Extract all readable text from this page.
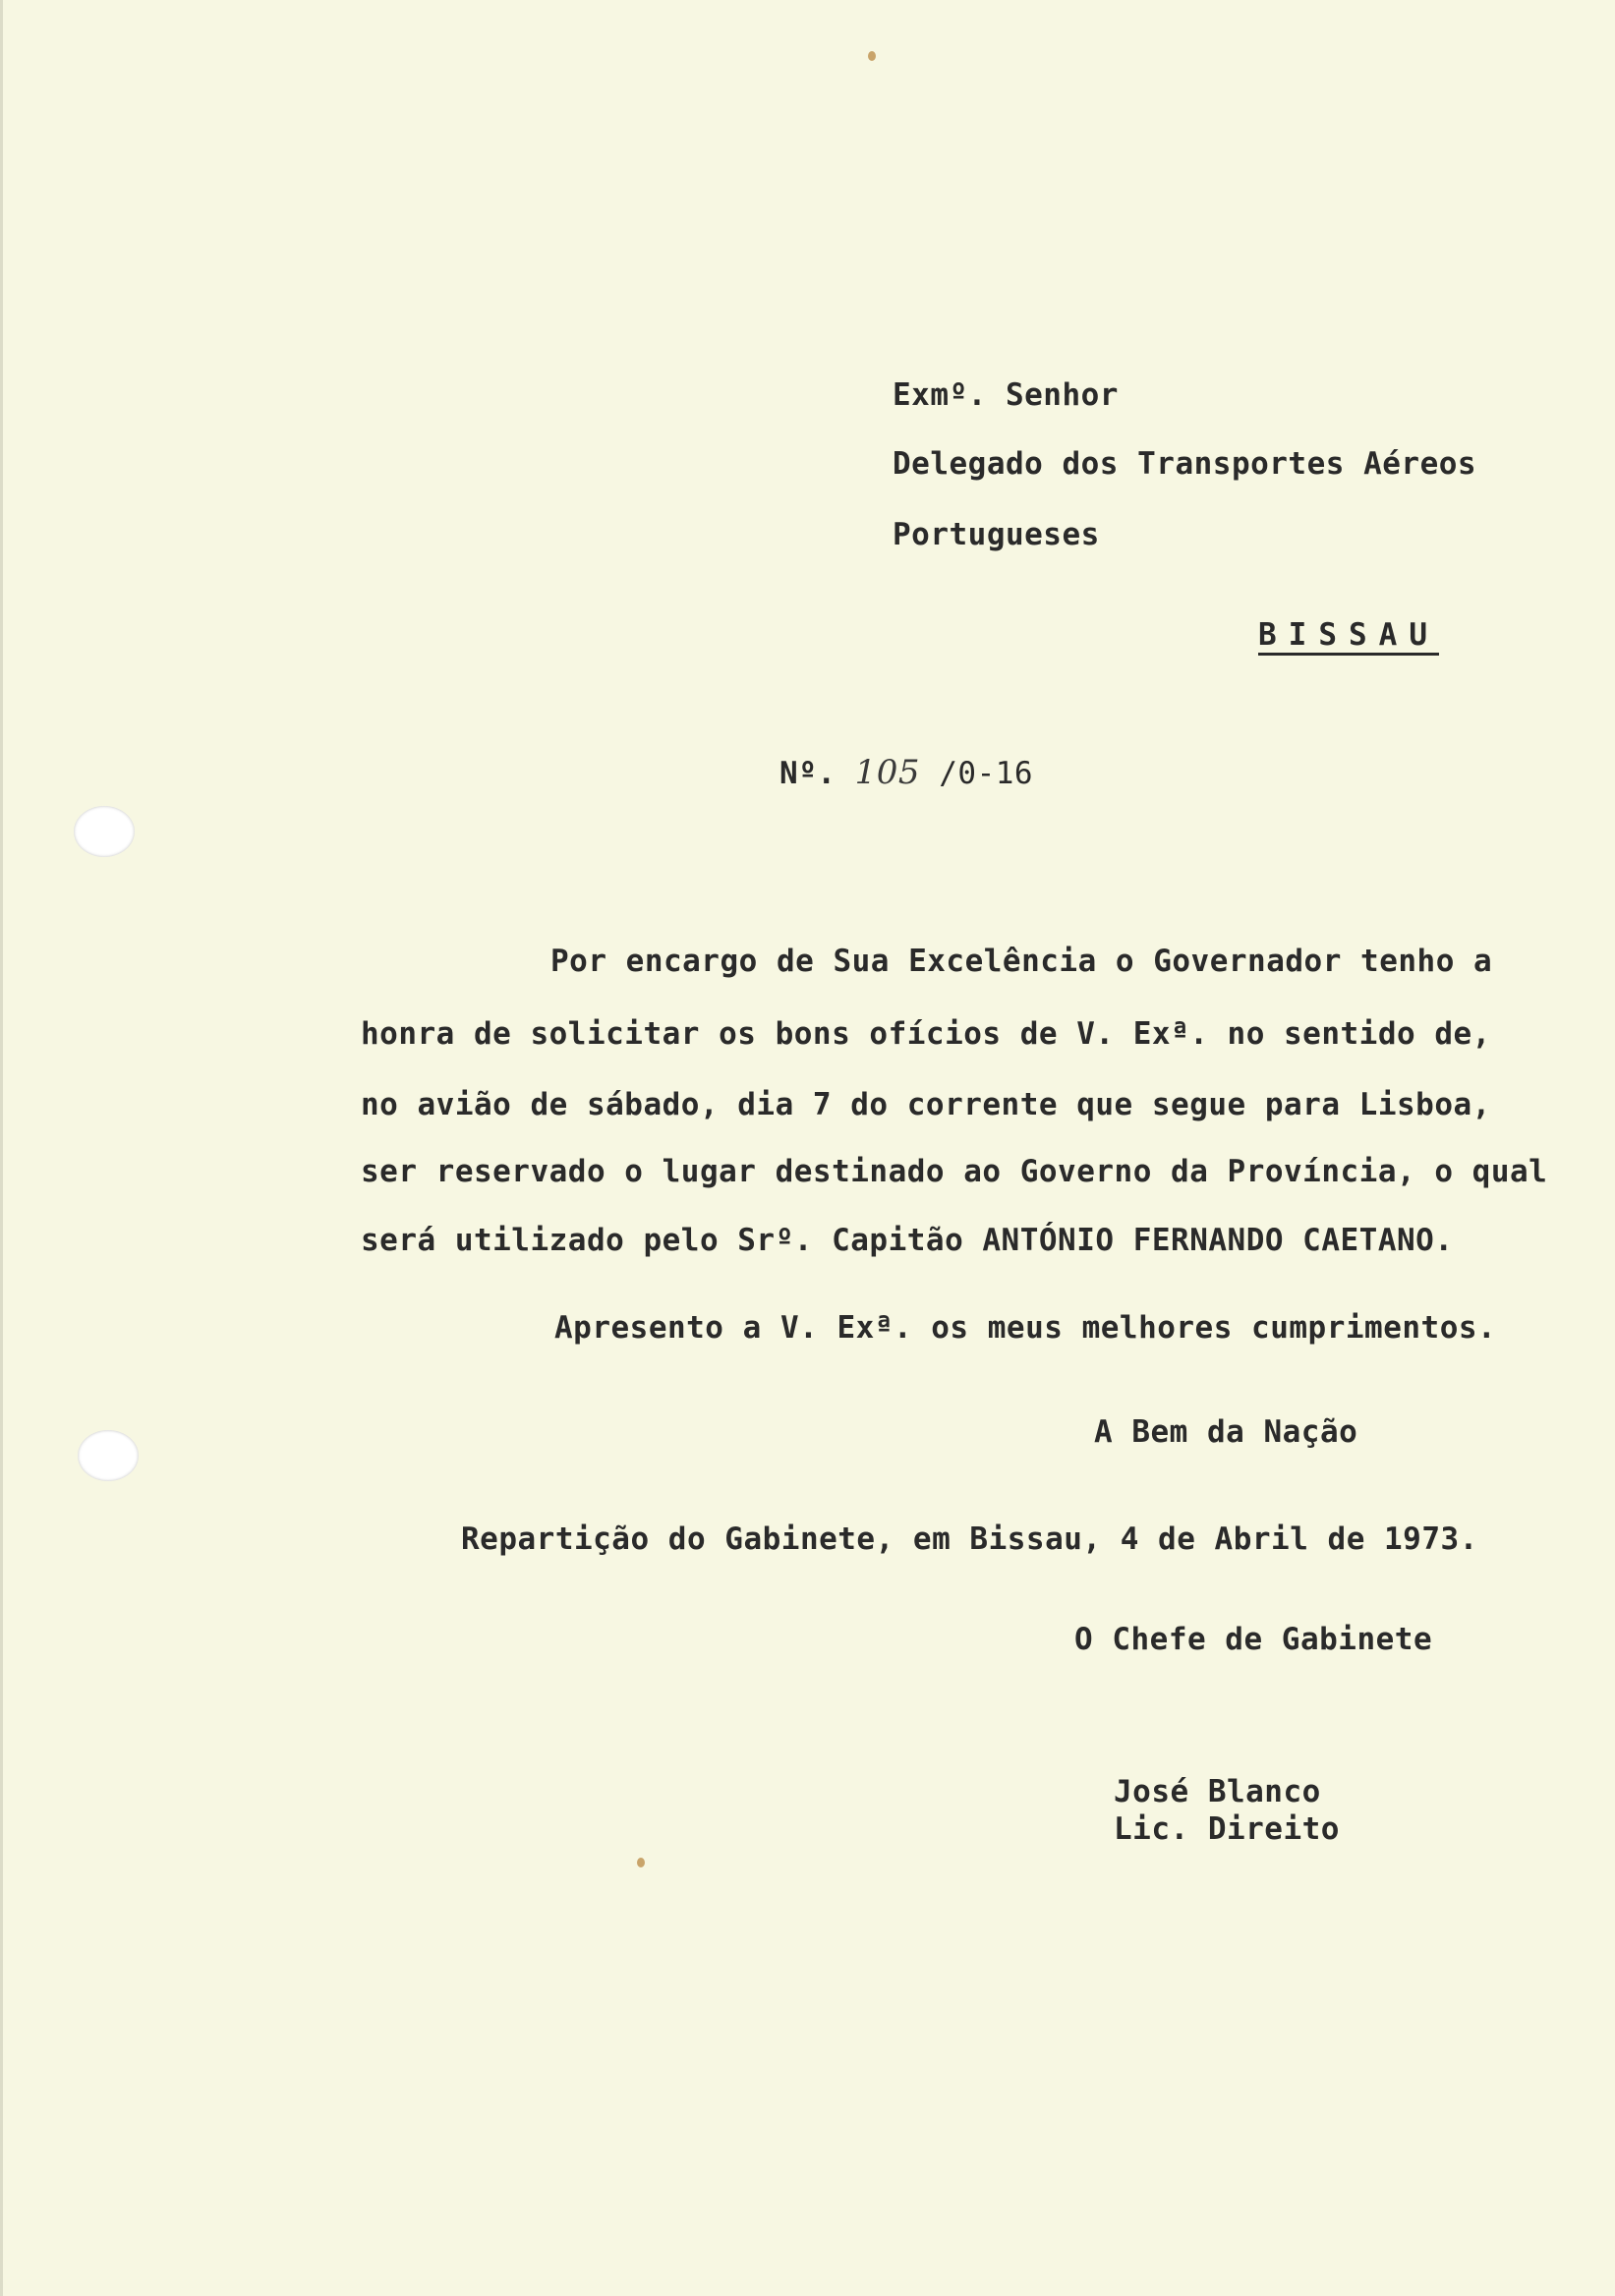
Exmº. Senhor
Delegado dos Transportes Aéreos
Portugueses
BISSAU
Nº. 105 /0-16
Por encargo de Sua Excelência o Governador tenho a
honra de solicitar os bons ofícios de V. Exª. no sentido de,
no avião de sábado, dia 7 do corrente que segue para Lisboa,
ser reservado o lugar destinado ao Governo da Província, o qual
será utilizado pelo Srº. Capitão ANTÓNIO FERNANDO CAETANO.
Apresento a V. Exª. os meus melhores cumprimentos.
A Bem da Nação
Repartição do Gabinete, em Bissau, 4 de Abril de 1973.
O Chefe de Gabinete
José Blanco
Lic. Direito
